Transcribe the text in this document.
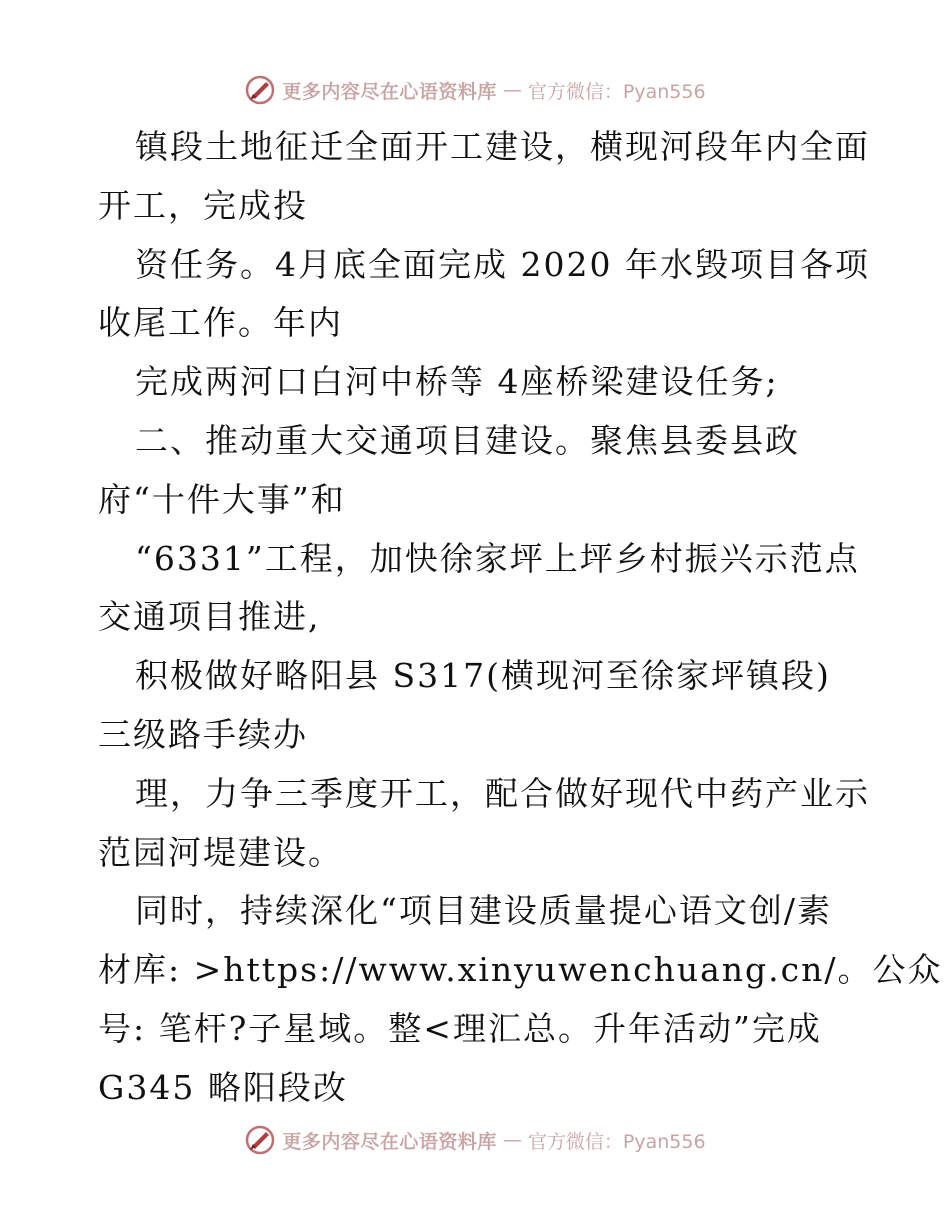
更多内容尽在心语资料库 — 官方微信：Pyan556
镇段土地征迁全面开工建设，横现河段年内全面
开工，完成投
资任务。4月底全面完成 2020 年水毁项目各项
收尾工作。年内
完成两河口白河中桥等 4座桥梁建设任务;
二、推动重大交通项目建设。聚焦县委县政
府“十件大事”和
“6331”工程，加快徐家坪上坪乡村振兴示范点
交通项目推进,
积极做好略阳县 S317(横现河至徐家坪镇段)
三级路手续办
理，力争三季度开工，配合做好现代中药产业示
范园河堤建设。
同时，持续深化“项目建设质量提心语文创/素
材库: >https://www.xinyuwenchuang.cn/。公众
号: 笔杆?子星域。整<理汇总。升年活动”完成
G345 略阳段改
更多内容尽在心语资料库 — 官方微信：Pyan556
